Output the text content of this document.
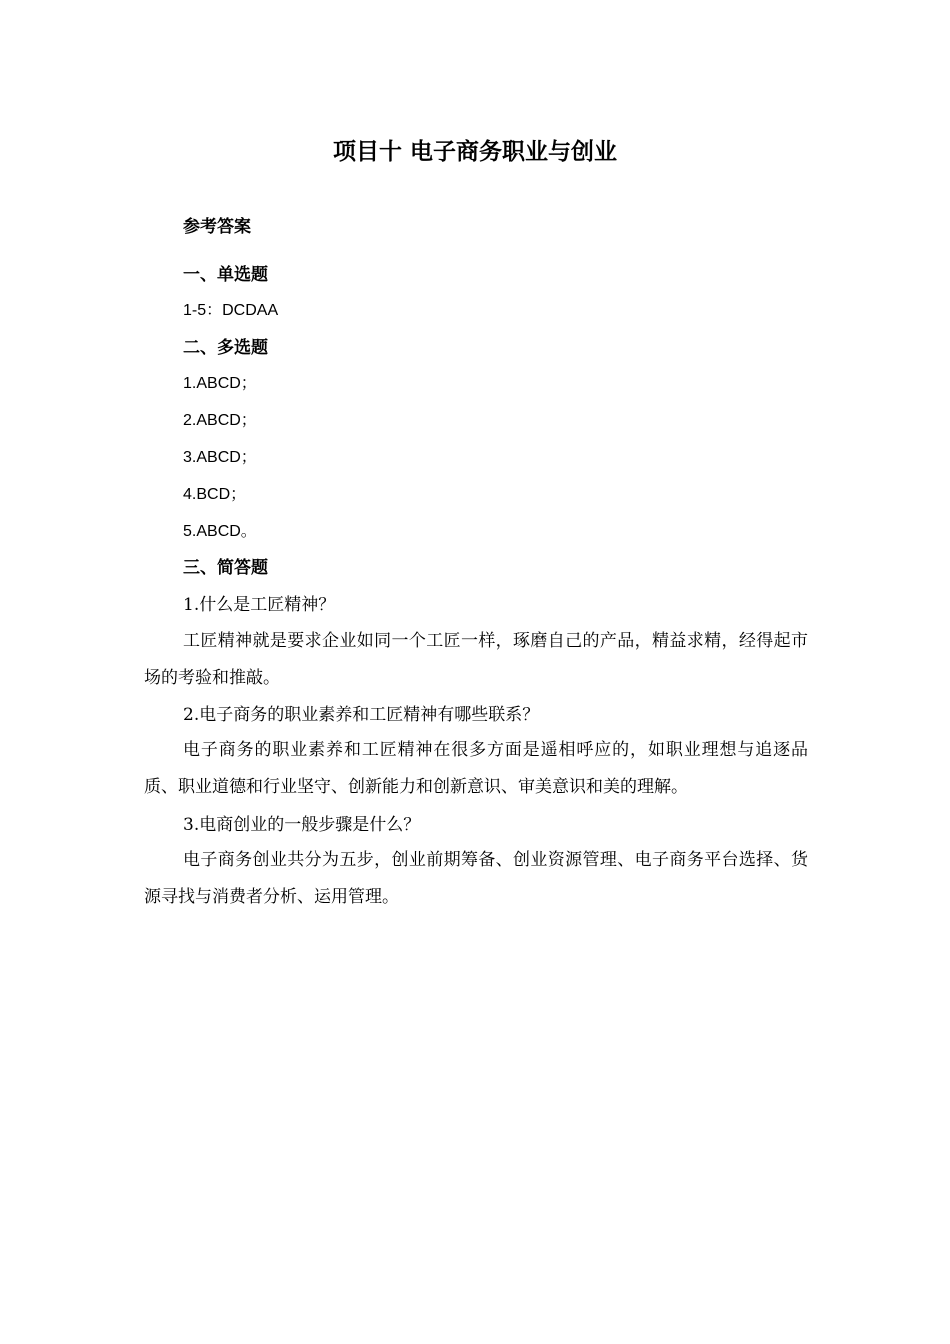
项目十 电子商务职业与创业

参考答案

一、单选题

1-5：DCDAA

二、多选题

1.ABCD；

2.ABCD；

3.ABCD；

4.BCD；

5.ABCD。

三、简答题

1.什么是工匠精神？

工匠精神就是要求企业如同一个工匠一样，琢磨自己的产品，精益求精，经得起市场的考验和推敲。

2.电子商务的职业素养和工匠精神有哪些联系？

电子商务的职业素养和工匠精神在很多方面是遥相呼应的，如职业理想与追逐品质、职业道德和行业坚守、创新能力和创新意识、审美意识和美的理解。

3.电商创业的一般步骤是什么？

电子商务创业共分为五步，创业前期筹备、创业资源管理、电子商务平台选择、货源寻找与消费者分析、运用管理。
